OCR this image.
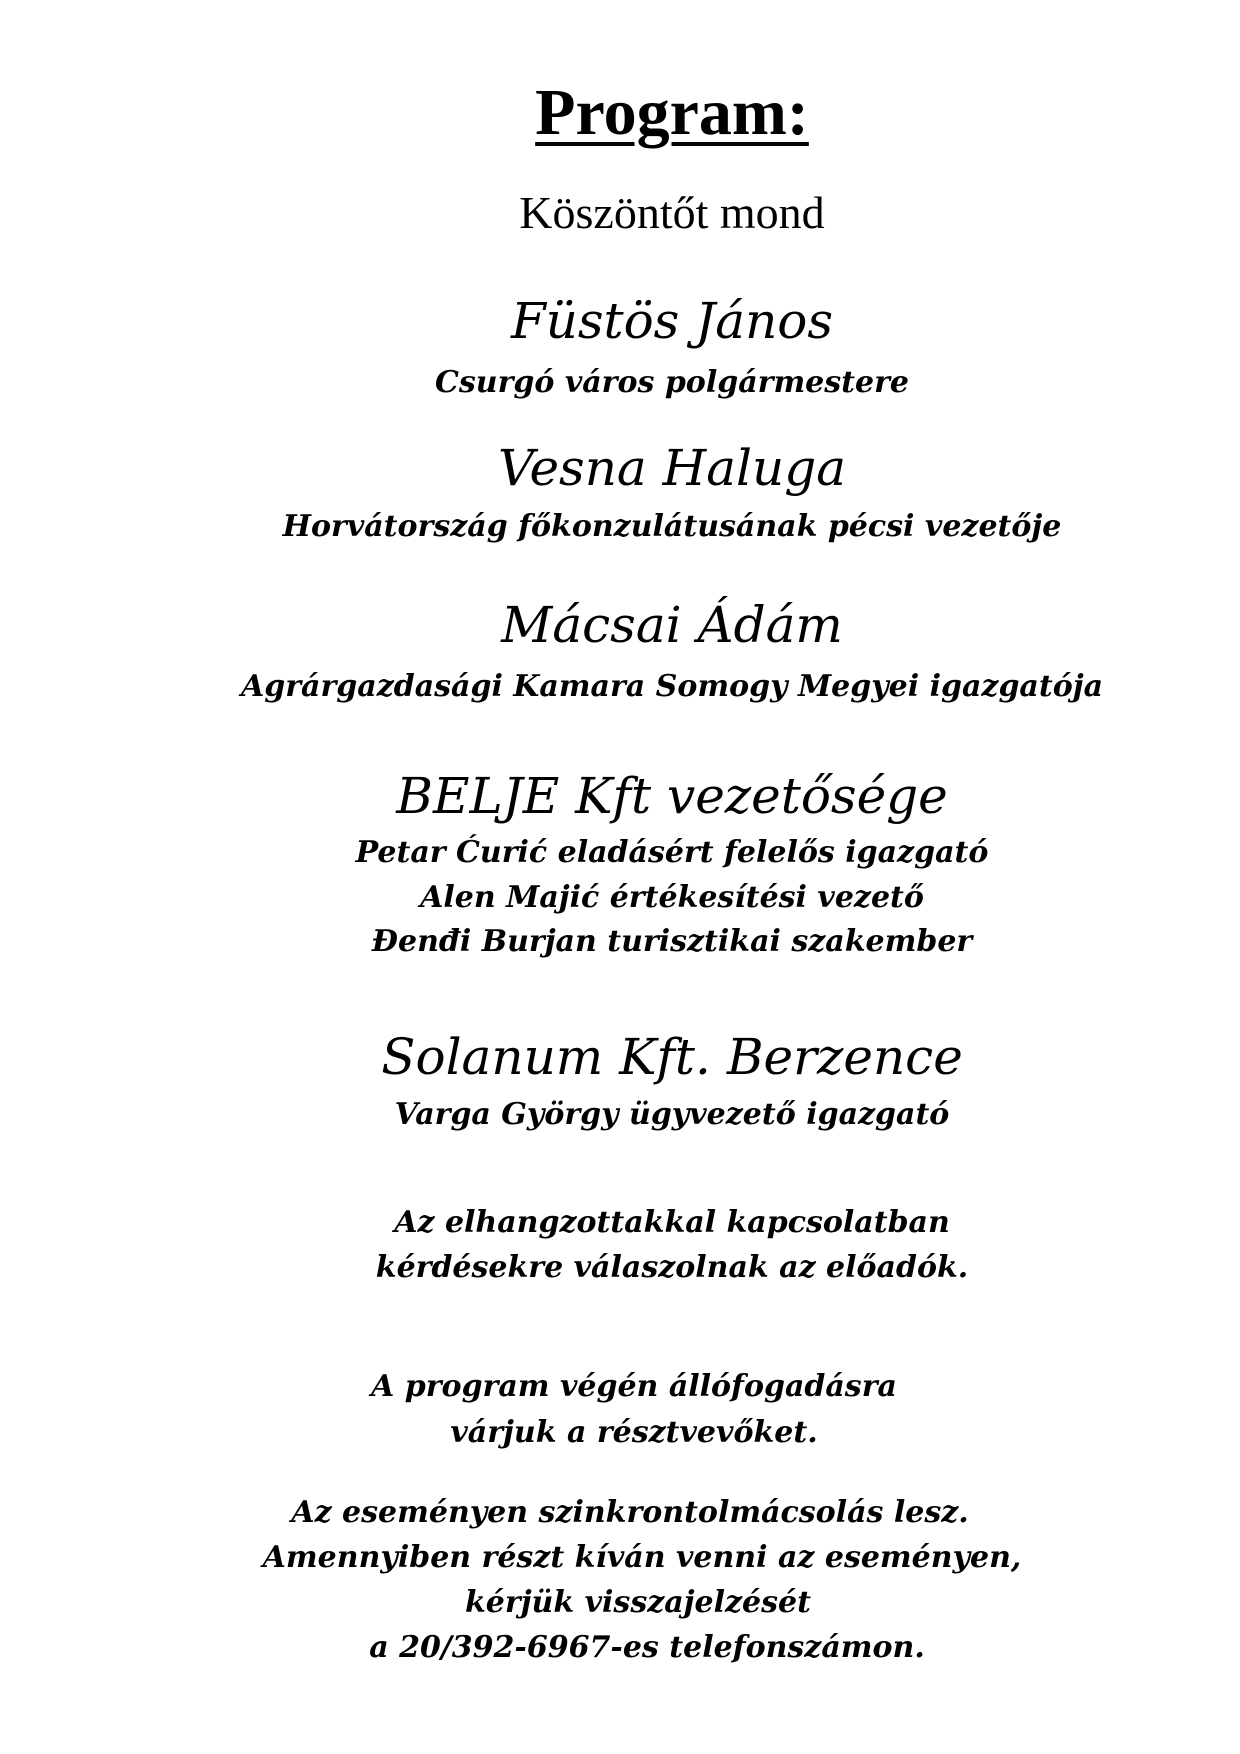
Program:
Köszöntőt mond
Füstös János
Csurgó város polgármestere
Vesna Haluga
Horvátország főkonzulátusának pécsi vezetője
Mácsai Ádám
Agrárgazdasági Kamara Somogy Megyei igazgatója
BELJE Kft vezetősége
Petar Ćurić eladásért felelős igazgató
Alen Majić értékesítési vezető
Đenđi Burjan turisztikai szakember
Solanum Kft. Berzence
Varga György ügyvezető igazgató
Az elhangzottakkal kapcsolatban
kérdésekre válaszolnak az előadók.
A program végén állófogadásra
várjuk a résztvevőket.
Az eseményen szinkrontolmácsolás lesz.
Amennyiben részt kíván venni az eseményen,
kérjük visszajelzését
a 20/392-6967-es telefonszámon.
